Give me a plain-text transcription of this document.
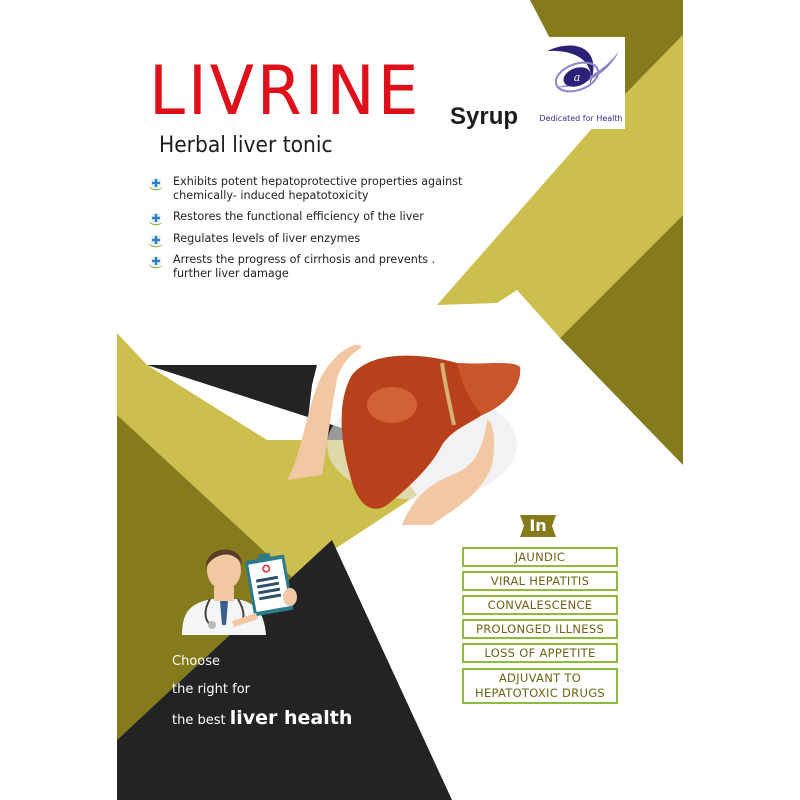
LIVRINE Syrup
Herbal liver tonic
a
Dedicated for Health
Exhibits potent hepatoprotective properties against
chemically- induced hepatotoxicity
Restores the functional efficiency of the liver
Regulates levels of liver enzymes
Arrests the progress of cirrhosis and prevents .
further liver damage
In
JAUNDIC
VIRAL HEPATITIS
CONVALESCENCE
PROLONGED ILLNESS
LOSS OF APPETITE
ADJUVANT TO
HEPATOTOXIC DRUGS
Choose
the right for
the best liver health
